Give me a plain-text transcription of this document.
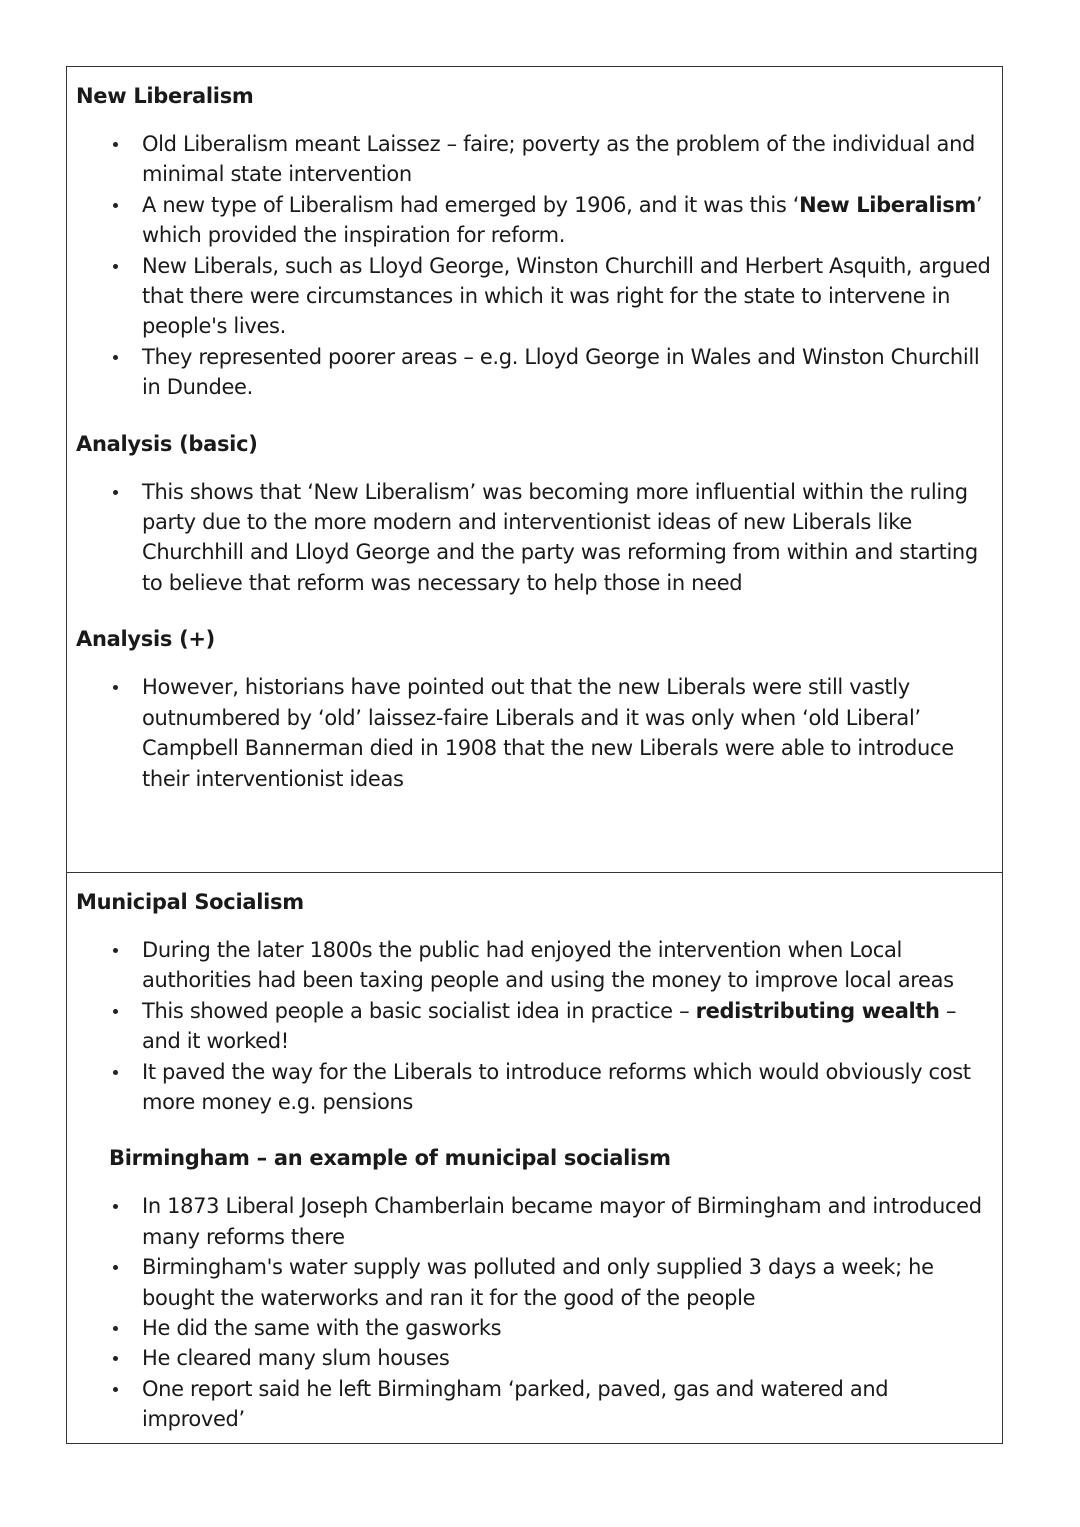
New Liberalism

Old Liberalism meant Laissez – faire; poverty as the problem of the individual and minimal state intervention
A new type of Liberalism had emerged by 1906, and it was this ‘New Liberalism’ which provided the inspiration for reform.
New Liberals, such as Lloyd George, Winston Churchill and Herbert Asquith, argued that there were circumstances in which it was right for the state to intervene in people's lives.
They represented poorer areas – e.g. Lloyd George in Wales and Winston Churchill in Dundee.

Analysis (basic)

This shows that ‘New Liberalism’ was becoming more influential within the ruling party due to the more modern and interventionist ideas of new Liberals like Churchhill and Lloyd George and the party was reforming from within and starting to believe that reform was necessary to help those in need

Analysis (+)

However, historians have pointed out that the new Liberals were still vastly outnumbered by ‘old’ laissez-faire Liberals and it was only when ‘old Liberal’ Campbell Bannerman died in 1908 that the new Liberals were able to introduce their interventionist ideas

Municipal Socialism

During the later 1800s the public had enjoyed the intervention when Local authorities had been taxing people and using the money to improve local areas
This showed people a basic socialist idea in practice – redistributing wealth – and it worked!
It paved the way for the Liberals to introduce reforms which would obviously cost more money e.g. pensions

Birmingham – an example of municipal socialism

In 1873 Liberal Joseph Chamberlain became mayor of Birmingham and introduced many reforms there
Birmingham's water supply was polluted and only supplied 3 days a week; he bought the waterworks and ran it for the good of the people
He did the same with the gasworks
He cleared many slum houses
One report said he left Birmingham ‘parked, paved, gas and watered and improved’
